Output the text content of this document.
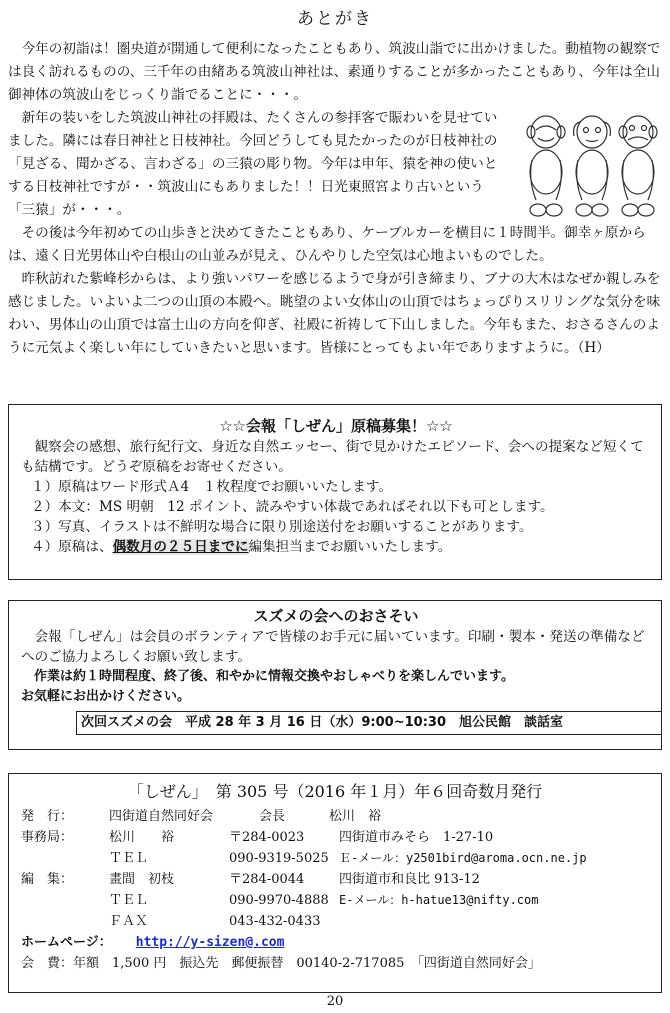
あとがき

今年の初詣は！圏央道が開通して便利になったこともあり、筑波山詣でに出かけました。動植物の観察では良く訪れるものの、三千年の由緒ある筑波山神社は、素通りすることが多かったこともあり、今年は全山御神体の筑波山をじっくり詣でることに・・・。

新年の装いをした筑波山神社の拝殿は、たくさんの参拝客で賑わいを見せていました。隣には春日神社と日枝神社。今回どうしても見たかったのが日枝神社の「見ざる、聞かざる、言わざる」の三猿の彫り物。今年は申年、猿を神の使いとする日枝神社ですが・・筑波山にもありました！！日光東照宮より古いという「三猿」が・・・。

その後は今年初めての山歩きと決めてきたこともあり、ケーブルカーを横目に１時間半。御幸ヶ原からは、遠く日光男体山や白根山の山並みが見え、ひんやりした空気は心地よいものでした。

昨秋訪れた紫峰杉からは、より強いパワーを感じるようで身が引き締まり、ブナの大木はなぜか親しみを感じました。いよいよ二つの山頂の本殿へ。眺望のよい女体山の山頂ではちょっぴりスリリングな気分を味わい、男体山の山頂では富士山の方向を仰ぎ、社殿に祈祷して下山しました。今年もまた、おさるさんのように元気よく楽しい年にしていきたいと思います。皆様にとってもよい年でありますように。（H）

☆☆会報「しぜん」原稿募集！☆☆

観察会の感想、旅行紀行文、身近な自然エッセー、街で見かけたエピソード、会への提案など短くても結構です。どうぞ原稿をお寄せください。

１）原稿はワード形式Ａ4　１枚程度でお願いいたします。

２）本文：MS 明朝　12 ポイント、読みやすい体裁であればそれ以下も可とします。

３）写真、イラストは不鮮明な場合に限り別途送付をお願いすることがあります。

４）原稿は、偶数月の２５日までに編集担当までお願いいたします。

スズメの会へのおさそい

会報「しぜん」は会員のボランティアで皆様のお手元に届いています。印刷・製本・発送の準備などへのご協力よろしくお願い致します。

作業は約１時間程度、終了後、和やかに情報交換やおしゃべりを楽しんでいます。

お気軽にお出かけください。

次回スズメの会　平成 28 年 3 月 16 日（水）9:00~10:30　旭公民館　談話室
「しぜん」　第 305 号（2016 年１月）年６回奇数月発行
発　行：	四街道自然同好会	会長	松川　裕
事務局：	松川　　裕	〒284-0023	四街道市みそら　1-27-10
ＴＥＬ	090-9319-5025 Ｅ-メール：y2501bird@aroma.ocn.ne.jp
編　集：	畫間　初枝	〒284-0044	四街道市和良比 913-12
ＴＥＬ	090-9970-4888 E-メール：h-hatue13@nifty.com
ＦＡＸ	043-432-0433
ホームページ： http://y-sizen@.com
会　費：年額　1,500 円　振込先　郵便振替　00140-2-717085　「四街道自然同好会」
20
